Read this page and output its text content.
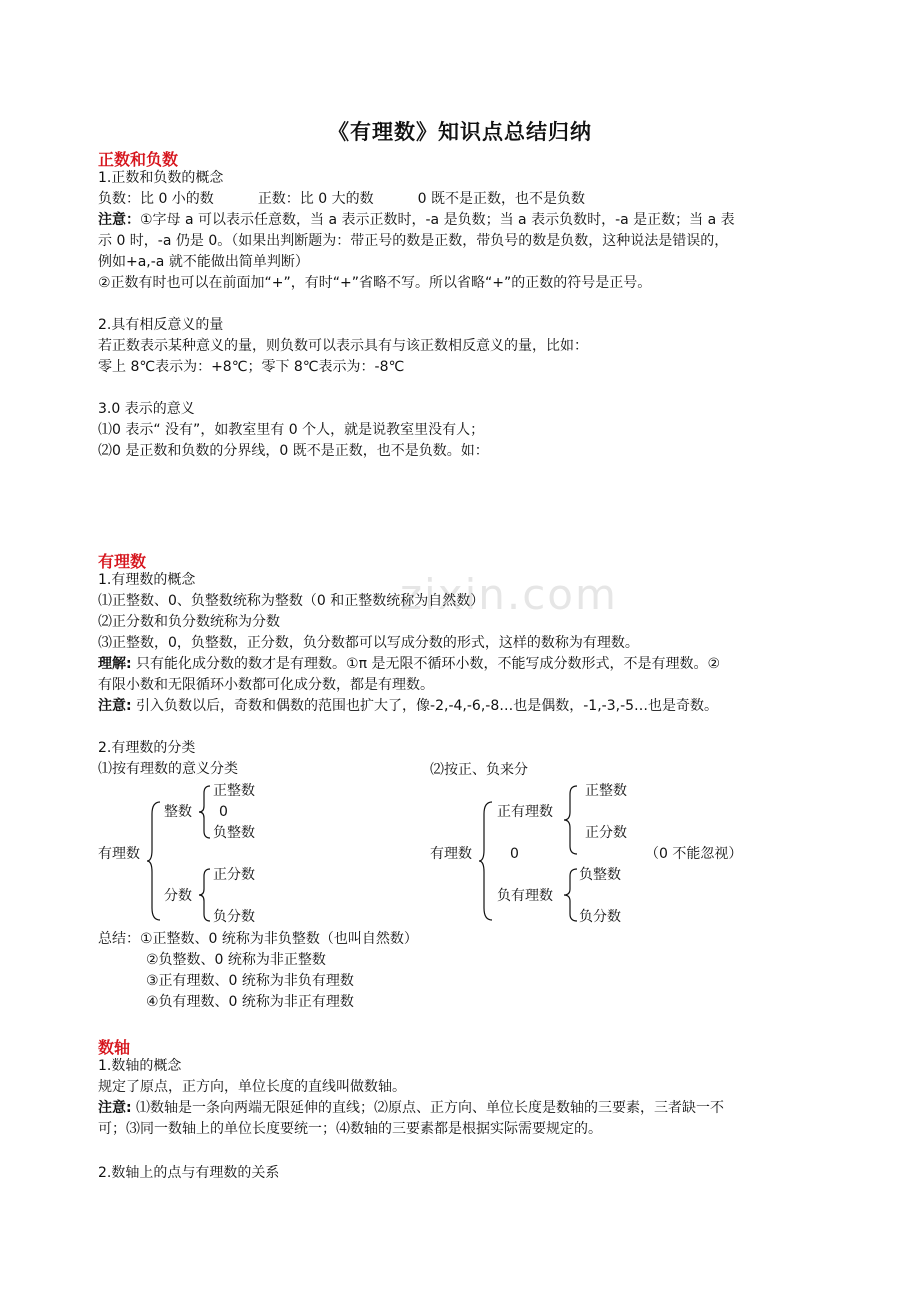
zixin.com
《有理数》知识点总结归纳
正数和负数
1.正数和负数的概念
负数：比 0 小的数	正数：比 0 大的数	0 既不是正数，也不是负数
注意：①字母 a 可以表示任意数，当 a 表示正数时，-a 是负数；当 a 表示负数时，-a 是正数；当 a 表
示 0 时，-a 仍是 0。（如果出判断题为：带正号的数是正数，带负号的数是负数，这种说法是错误的，
例如+a,-a 就不能做出简单判断）
②正数有时也可以在前面加“+”，有时“+”省略不写。所以省略“+”的正数的符号是正号。
2.具有相反意义的量
若正数表示某种意义的量，则负数可以表示具有与该正数相反意义的量，比如：
零上 8℃表示为：+8℃；零下 8℃表示为：-8℃
3.0 表示的意义
⑴0 表示“ 没有”，如教室里有 0 个人，就是说教室里没有人；
⑵0 是正数和负数的分界线，0 既不是正数，也不是负数。如：
有理数
1.有理数的概念
⑴正整数、0、负整数统称为整数（0 和正整数统称为自然数）
⑵正分数和负分数统称为分数
⑶正整数，0，负整数，正分数，负分数都可以写成分数的形式，这样的数称为有理数。
理解: 只有能化成分数的数才是有理数。①π 是无限不循环小数，不能写成分数形式，不是有理数。②
有限小数和无限循环小数都可化成分数，都是有理数。
注意: 引入负数以后，奇数和偶数的范围也扩大了，像-2,-4,-6,-8…也是偶数，-1,-3,-5…也是奇数。
2.有理数的分类
⑴按有理数的意义分类	⑵按正、负来分
有理数
整数
正整数
0
负整数
分数
正分数
负分数
有理数
正有理数
正整数
正分数
0	（0 不能忽视）
负有理数
负整数
负分数
总结：①正整数、0 统称为非负整数（也叫自然数）
②负整数、0 统称为非正整数
③正有理数、0 统称为非负有理数
④负有理数、0 统称为非正有理数
数轴
1.数轴的概念
规定了原点，正方向，单位长度的直线叫做数轴。
注意: ⑴数轴是一条向两端无限延伸的直线；⑵原点、正方向、单位长度是数轴的三要素，三者缺一不
可；⑶同一数轴上的单位长度要统一；⑷数轴的三要素都是根据实际需要规定的。
2.数轴上的点与有理数的关系
